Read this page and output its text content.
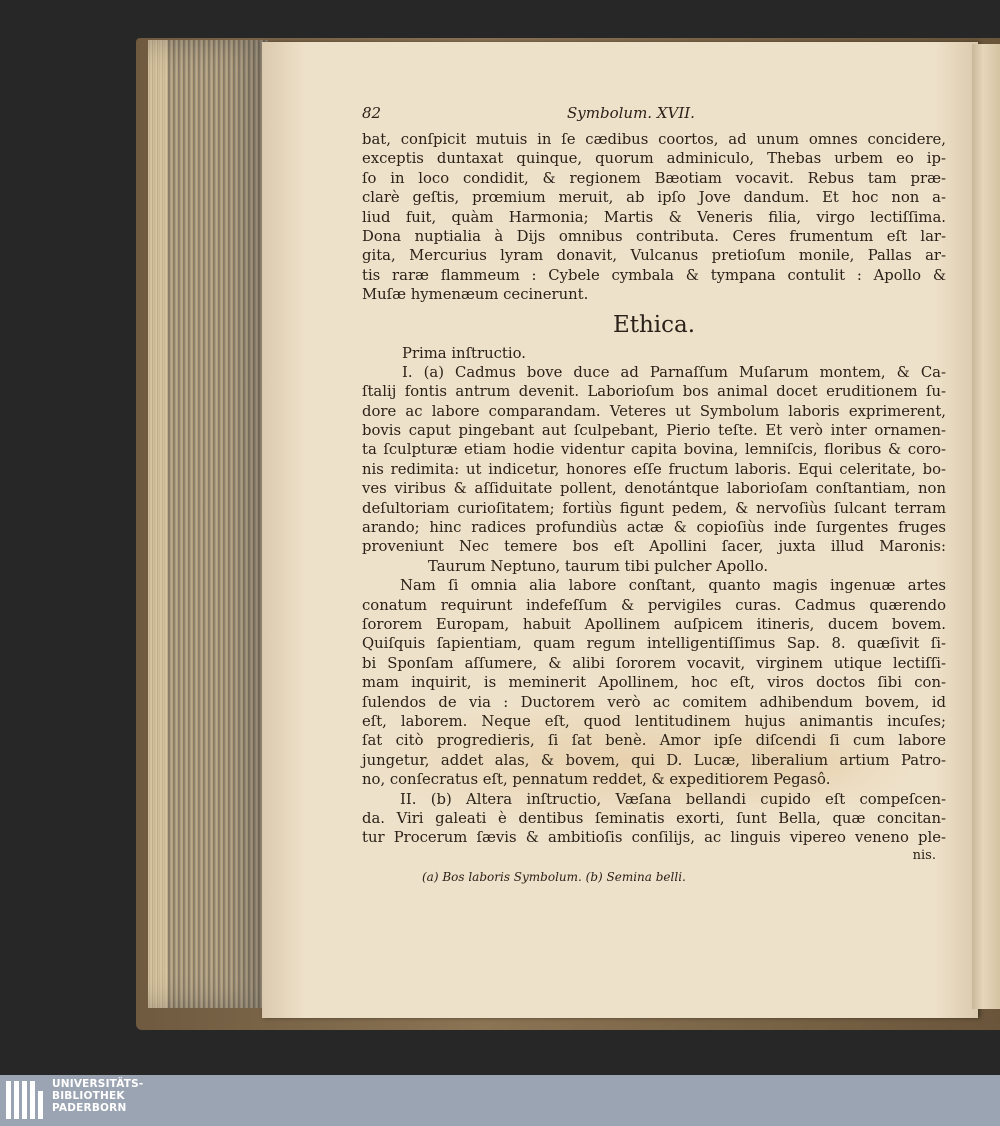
82	Symbolum. XVII.
bat, conſpicit mutuis in ſe cædibus coortos, ad unum omnes concidere,
exceptis duntaxat quinque, quorum adminiculo, Thebas urbem eo ip-
ſo in loco condidit, & regionem Bæotiam vocavit. Rebus tam præ-
clarè geſtis, prœmium meruit, ab ipſo Jove dandum. Et hoc non a-
liud fuit, quàm Harmonia; Martis & Veneris filia, virgo lectiſſima.
Dona nuptialia à Dijs omnibus contributa. Ceres frumentum eſt lar-
gita, Mercurius lyram donavit, Vulcanus pretioſum monile, Pallas ar-
tis raræ flammeum : Cybele cymbala & tympana contulit : Apollo &
Muſæ hymenæum cecinerunt.
Ethica.
Prima inſtructio.
I. (a) Cadmus bove duce ad Parnaſſum Muſarum montem, & Ca-
ſtalij fontis antrum devenit. Laborioſum bos animal docet eruditionem ſu-
dore ac labore comparandam. Veteres ut Symbolum laboris exprimerent,
bovis caput pingebant aut ſculpebant, Pierio teſte. Et verò inter ornamen-
ta ſculpturæ etiam hodie videntur capita bovina, lemniſcis, floribus & coro-
nis redimita: ut indicetur, honores eſſe fructum laboris. Equi celeritate, bo-
ves viribus & aſſiduitate pollent, denotántque laborioſam conſtantiam, non
deſultoriam curioſitatem; fortiùs figunt pedem, & nervoſiùs ſulcant terram
arando; hinc radices profundiùs actæ & copioſiùs inde ſurgentes fruges
proveniunt Nec temere bos eſt Apollini ſacer, juxta illud Maronis:
Taurum Neptuno, taurum tibi pulcher Apollo.
Nam ſi omnia alia labore conſtant, quanto magis ingenuæ artes
conatum requirunt indefeſſum & pervigiles curas. Cadmus quærendo
ſororem Europam, habuit Apollinem auſpicem itineris, ducem bovem.
Quiſquis ſapientiam, quam regum intelligentiſſimus Sap. 8. quæſivit ſi-
bi Sponſam aſſumere, & alibi ſororem vocavit, virginem utique lectiſſi-
mam inquirit, is meminerit Apollinem, hoc eſt, viros doctos ſibi con-
ſulendos de via : Ductorem verò ac comitem adhibendum bovem, id
eſt, laborem. Neque eſt, quod lentitudinem hujus animantis incuſes;
ſat citò progredieris, ſi ſat benè. Amor ipſe diſcendi ſi cum labore
jungetur, addet alas, & bovem, qui D. Lucæ, liberalium artium Patro-
no, conſecratus eſt, pennatum reddet, & expeditiorem Pegasô.
II. (b) Altera inſtructio, Væſana bellandi cupido eſt compeſcen-
da. Viri galeati è dentibus ſeminatis exorti, ſunt Bella, quæ concitan-
tur Procerum ſævis & ambitioſis conſilijs, ac linguis vipereo veneno ple-
nis.
(a) Bos laboris Symbolum. (b) Semina belli.
UNIVERSITÄTS-
BIBLIOTHEK
PADERBORN
